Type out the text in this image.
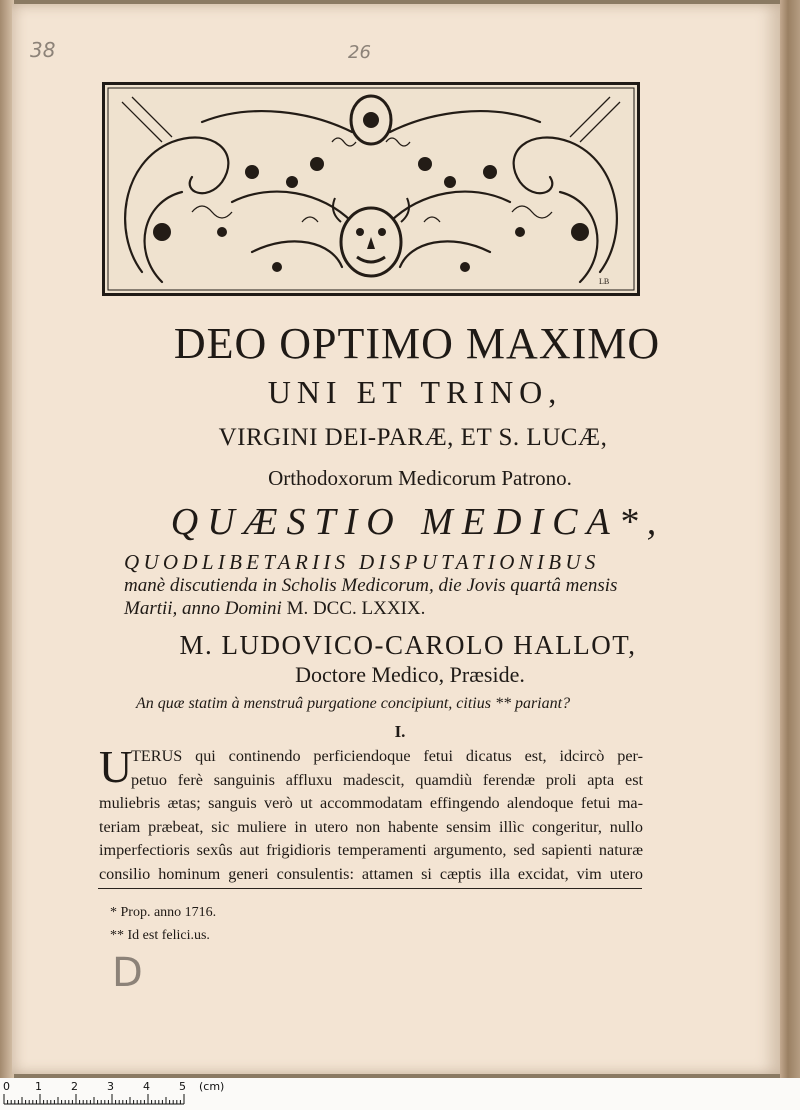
38	26
LB
DEO OPTIMO MAXIMO
UNI ET TRINO,
VIRGINI DEI-PARÆ, ET S. LUCÆ,
Orthodoxorum Medicorum Patrono.
QUÆSTIO MEDICA*,
QUODLIBETARIIS DISPUTATIONIBUS
manè discutienda in Scholis Medicorum, die Jovis quartâ mensis
Martii, anno Domini M. DCC. LXXIX.
M. LUDOVICO-CAROLO HALLOT,
Doctore Medico, Præside.
An quæ statim à menstruâ purgatione concipiunt, citius ** pariant?
I.
U
TERUS qui continendo perficiendoque fetui dicatus est, idcircò per-
petuo ferè sanguinis affluxu madescit, quamdiù ferendæ proli apta est
muliebris ætas; sanguis verò ut accommodatam effingendo alendoque fetui ma-
teriam præbeat, sic muliere in utero non habente sensim illìc congeritur, nullo
imperfectioris sexûs aut frigidioris temperamenti argumento, sed sapienti naturæ
consilio hominum generi consulentis: attamen si cæptis illa excidat, vim utero
* Prop. anno 1716.
** Id est felici.us.
D
0 1	2	3	4	5 (cm)
